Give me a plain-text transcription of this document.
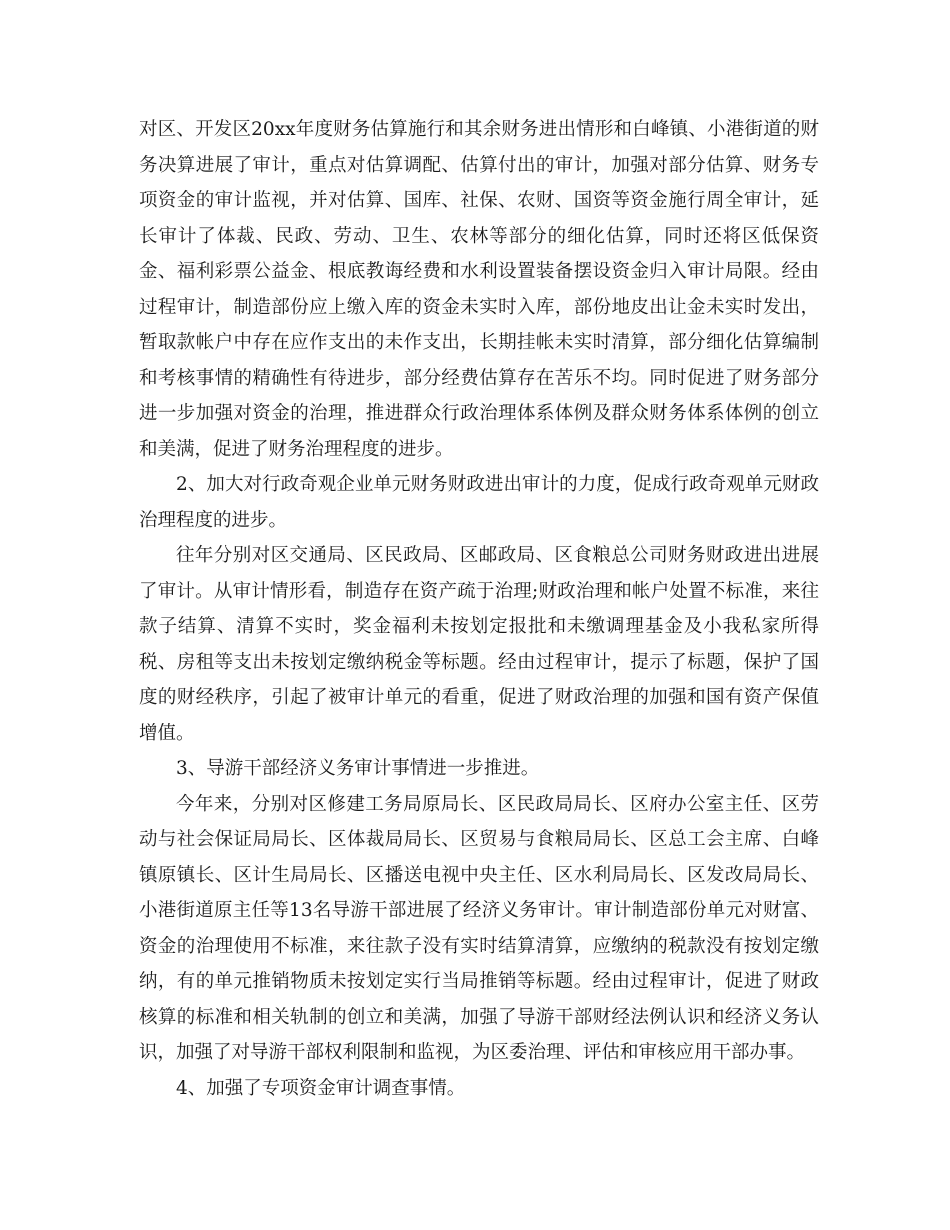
对区、开发区20xx年度财务估算施行和其余财务进出情形和白峰镇、小港街道的财务决算进展了审计，重点对估算调配、估算付出的审计，加强对部分估算、财务专项资金的审计监视，并对估算、国库、社保、农财、国资等资金施行周全审计，延长审计了体裁、民政、劳动、卫生、农林等部分的细化估算，同时还将区低保资金、福利彩票公益金、根底教诲经费和水利设置装备摆设资金归入审计局限。经由过程审计，制造部份应上缴入库的资金未实时入库，部份地皮出让金未实时发出，暂取款帐户中存在应作支出的未作支出，长期挂帐未实时清算，部分细化估算编制和考核事情的精确性有待进步，部分经费估算存在苦乐不均。同时促进了财务部分进一步加强对资金的治理，推进群众行政治理体系体例及群众财务体系体例的创立和美满，促进了财务治理程度的进步。

2、加大对行政奇观企业单元财务财政进出审计的力度，促成行政奇观单元财政治理程度的进步。

往年分别对区交通局、区民政局、区邮政局、区食粮总公司财务财政进出进展了审计。从审计情形看，制造存在资产疏于治理;财政治理和帐户处置不标准，来往款子结算、清算不实时，奖金福利未按划定报批和未缴调理基金及小我私家所得税、房租等支出未按划定缴纳税金等标题。经由过程审计，提示了标题，保护了国度的财经秩序，引起了被审计单元的看重，促进了财政治理的加强和国有资产保值增值。

3、导游干部经济义务审计事情进一步推进。

今年来，分别对区修建工务局原局长、区民政局局长、区府办公室主任、区劳动与社会保证局局长、区体裁局局长、区贸易与食粮局局长、区总工会主席、白峰镇原镇长、区计生局局长、区播送电视中央主任、区水利局局长、区发改局局长、小港街道原主任等13名导游干部进展了经济义务审计。审计制造部份单元对财富、资金的治理使用不标准，来往款子没有实时结算清算，应缴纳的税款没有按划定缴纳，有的单元推销物质未按划定实行当局推销等标题。经由过程审计，促进了财政核算的标准和相关轨制的创立和美满，加强了导游干部财经法例认识和经济义务认识，加强了对导游干部权利限制和监视，为区委治理、评估和审核应用干部办事。

4、加强了专项资金审计调查事情。
